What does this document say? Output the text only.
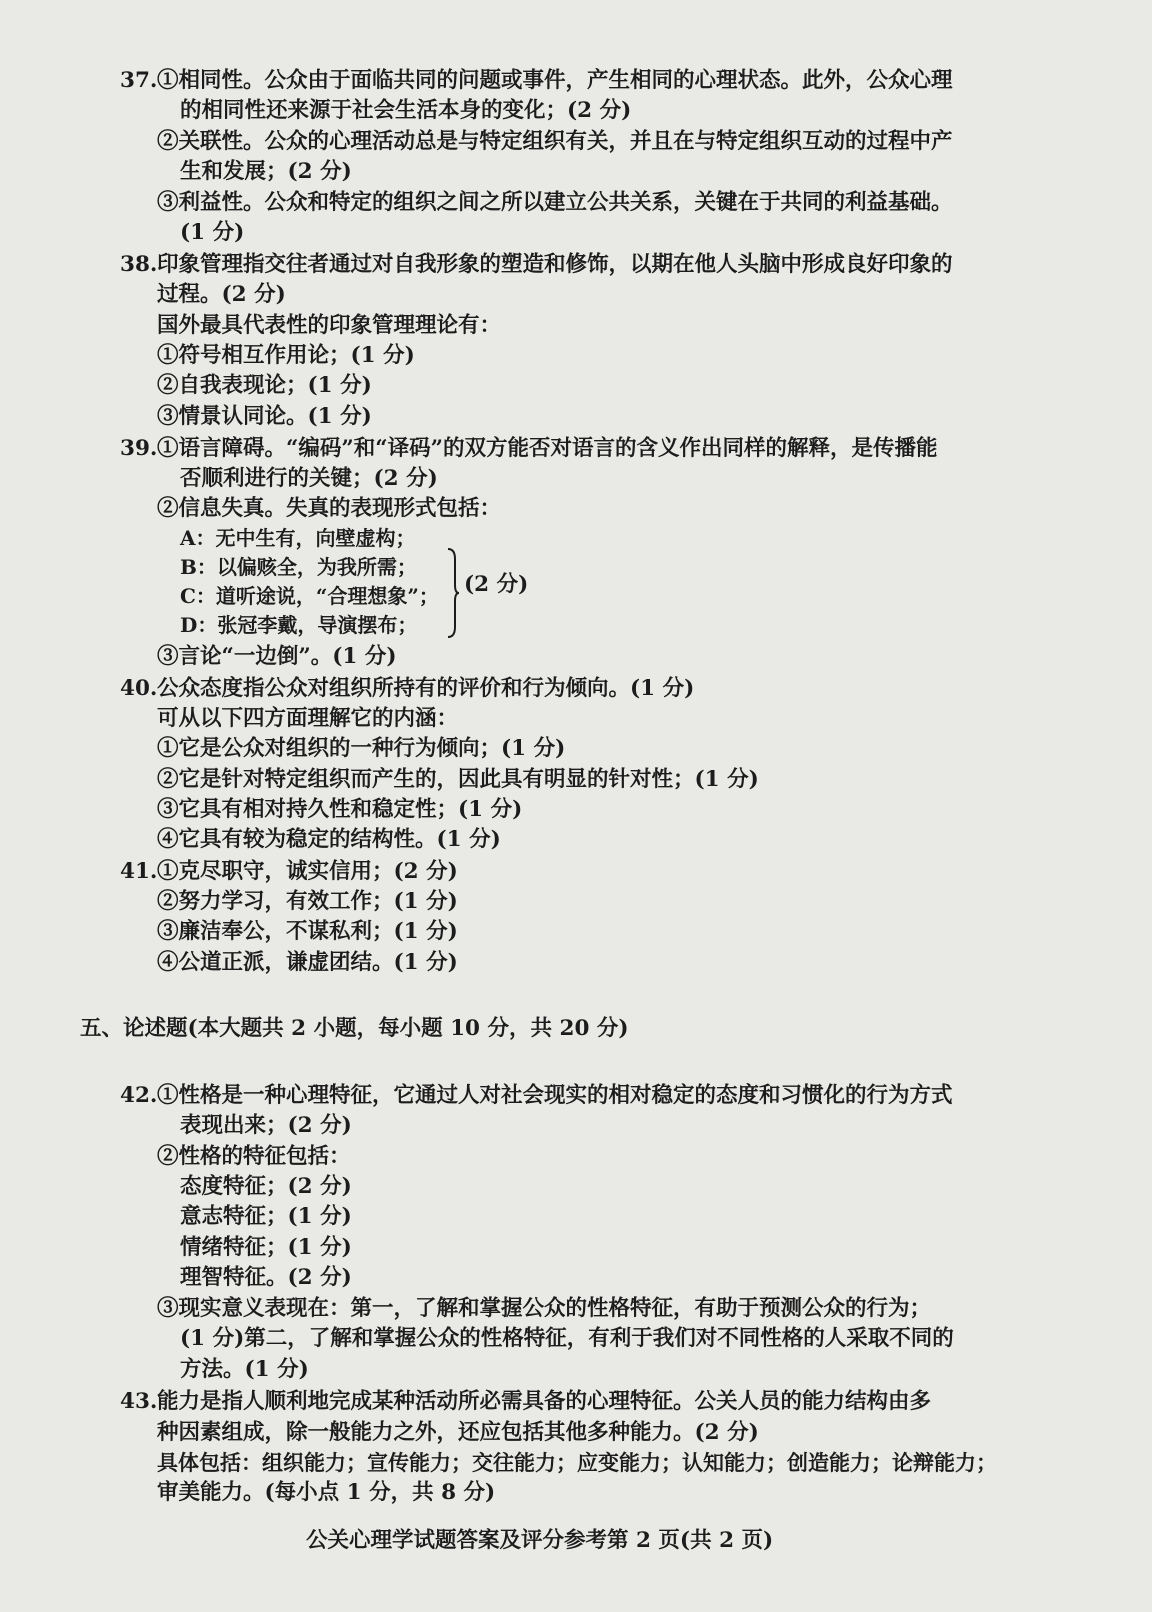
37. ①相同性。公众由于面临共同的问题或事件，产生相同的心理状态。此外，公众心理
的相同性还来源于社会生活本身的变化；(2 分)
②关联性。公众的心理活动总是与特定组织有关，并且在与特定组织互动的过程中产
生和发展；(2 分)
③利益性。公众和特定的组织之间之所以建立公共关系，关键在于共同的利益基础。
(1 分)
38. 印象管理指交往者通过对自我形象的塑造和修饰，以期在他人头脑中形成良好印象的
过程。(2 分)
国外最具代表性的印象管理理论有：
①符号相互作用论；(1 分)
②自我表现论；(1 分)
③情景认同论。(1 分)
39. ①语言障碍。“编码”和“译码”的双方能否对语言的含义作出同样的解释，是传播能
否顺利进行的关键；(2 分)
②信息失真。失真的表现形式包括：
A：无中生有，向壁虚构；
B：以偏赅全，为我所需；
C：道听途说，“合理想象”；
D：张冠李戴，导演摆布；
(2 分)
③言论“一边倒”。(1 分)
40. 公众态度指公众对组织所持有的评价和行为倾向。(1 分)
可从以下四方面理解它的内涵：
①它是公众对组织的一种行为倾向；(1 分)
②它是针对特定组织而产生的，因此具有明显的针对性；(1 分)
③它具有相对持久性和稳定性；(1 分)
④它具有较为稳定的结构性。(1 分)
41. ①克尽职守，诚实信用；(2 分)
②努力学习，有效工作；(1 分)
③廉洁奉公，不谋私利；(1 分)
④公道正派，谦虚团结。(1 分)
五、论述题(本大题共 2 小题，每小题 10 分，共 20 分)
42. ①性格是一种心理特征，它通过人对社会现实的相对稳定的态度和习惯化的行为方式
表现出来；(2 分)
②性格的特征包括：
态度特征；(2 分)
意志特征；(1 分)
情绪特征；(1 分)
理智特征。(2 分)
③现实意义表现在：第一，了解和掌握公众的性格特征，有助于预测公众的行为；
(1 分)第二，了解和掌握公众的性格特征，有利于我们对不同性格的人采取不同的
方法。(1 分)
43. 能力是指人顺利地完成某种活动所必需具备的心理特征。公关人员的能力结构由多
种因素组成，除一般能力之外，还应包括其他多种能力。(2 分)
具体包括：组织能力；宣传能力；交往能力；应变能力；认知能力；创造能力；论辩能力；
审美能力。(每小点 1 分，共 8 分)
公关心理学试题答案及评分参考第 2 页(共 2 页)
